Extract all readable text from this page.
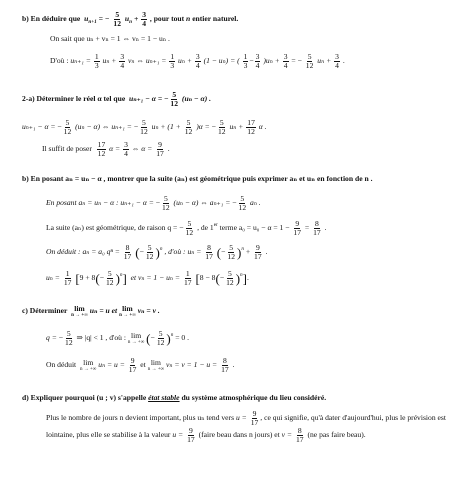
b) En déduire que $u_{n+1}$ = − $\frac{5}{12} u_n + \frac{3}{4}$ , pour tout n entier naturel.
On sait que uₙ + vₙ = 1 ⇔ vₙ = 1 − uₙ .
D'où : $u_{n+1} = \frac{1}{3}$ $u_n + \frac{3}{4}$ vₙ ⇔ $u_{n+1} = \frac{1}{3}$ $u_n + \frac{3}{4} (1 - u_n)$ = ( $\frac{1}{3} - \frac{3}{4} )u_n + \frac{3}{4}$ = − $\frac{5}{12}$ $u_n + \frac{3}{4}$ .
2-a) Déterminer le réel α tel que uₙ₊₁ − α = − $\frac{5}{12} (u_n - \alpha)$ .
uₙ₊₁ − α = − $\frac{5}{12} (u_n - \alpha)$ ⇔ uₙ₊₁ = − $\frac{5}{12}$ $u_n + (1 + \frac{5}{12} )\alpha$ = − $\frac{5}{12}$ $u_n + \frac{17}{12}$ α .
Il suffit de poser $\frac{17}{12}$ $\alpha = \frac{3}{4}$ ⇔ $\alpha = \frac{9}{17}$ .
b) En posant aₙ = uₙ − α , montrer que la suite (aₙ) est géométrique puis exprimer aₙ et uₙ en fonction de n .
En posant aₙ = uₙ − α : uₙ₊₁ − α = − $\frac{5}{12} (u_n - \alpha)$ ⇔ aₙ₊₁ = − $\frac{5}{12}$ aₙ .
La suite (aₙ) est géométrique, de raison q = − $\frac{5}{12}$ , de 1er terme $a_0 = u_0 - \alpha = 1 - \frac{9}{17} = \frac{8}{17}$ .
On déduit : aₙ = a₀ $q^n = \frac{8}{17}$ (− $\frac{5}{12} )^n$ , d'où : $u_n = \frac{8}{17}$ (− $\frac{5}{12} )^n + \frac{9}{17}$ .
$u_n = \frac{1}{17} [9 + 8(- \frac{5}{12} )^n]$ et $v_n = 1 - u_n = \frac{1}{17} [8 - 8(- \frac{5}{12} )^n]$.
c) Déterminer lim
n → +∞
uₙ = u et lim
n → +∞
vₙ = v .
q = − $\frac{5}{12}$ ⇒ |q| < 1 , d'où : lim
n → +∞ (− $\frac{5}{12} )^n = 0$ .
On déduit lim
n → +∞
$u_n = u = \frac{9}{17}$ et lim
n → +∞
$v_n = v = 1 - u = \frac{8}{17}$ .
d) Expliquer pourquoi (u ; v) s'appelle état stable du système atmosphérique du lieu considéré.
Plus le nombre de jours n devient important, plus uₙ tend vers $u = \frac{9}{17}$ , ce qui signifie, qu'à dater d'aujourd'hui, plus le prévision est lointaine, plus elle se stabilise à la valeur $u = \frac{9}{17}$ (faire beau dans n jours) et $v = \frac{8}{17} (ne$ pas faire beau).
